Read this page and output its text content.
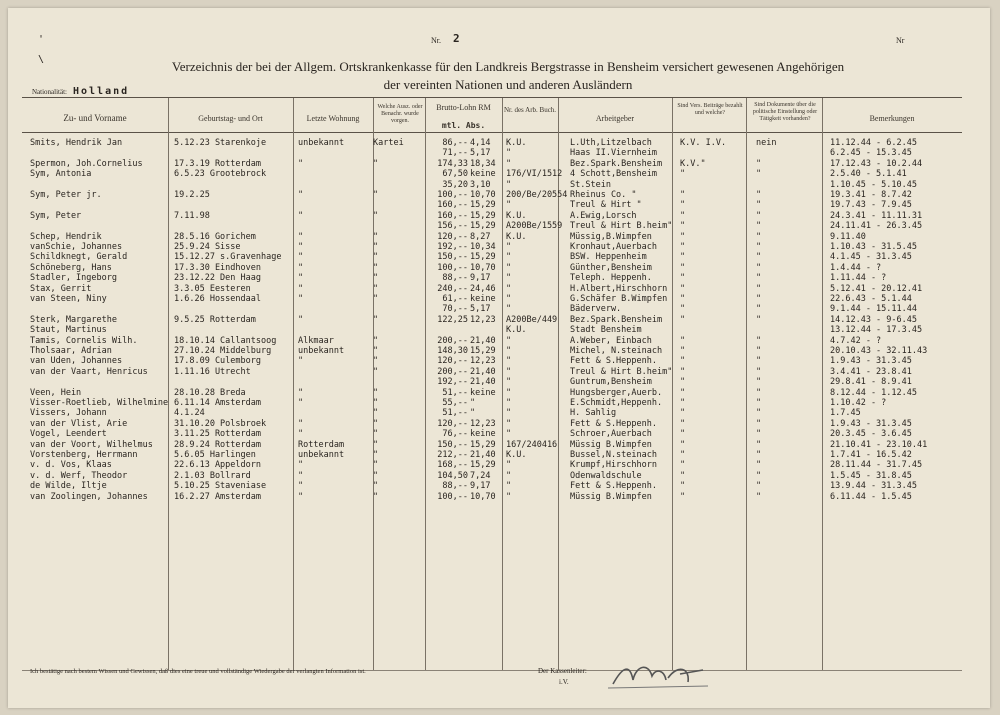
'
\
Nr. 2	Nr
Verzeichnis der bei der Allgem. Ortskrankenkasse für den Landkreis Bergstrasse in Bensheim versichert gewesenen Angehörigen
der vereinten Nationen und anderen Ausländern
Nationalität: Holland
Zu- und Vorname	Geburtstag- und Ort	Letzte Wohnung
Welche Ausz. oder Benachr. wurde vorgen.
Brutto-Lohn RM
mtl. Abs.
Nr. des Arb. Buch.
Arbeitgeber
Sind Vers. Beiträge bezahlt und welche?
Sind Dokumente über die politische Einstellung oder Tätigkeit vorhanden?	Bemerkungen
Ich bestätige nach bestem Wissen und Gewissen, daß dies eine treue und vollständige Wiedergabe der verlangten Information ist.	Der Kassenleiter:
i.V.
Smits, Hendrik Jan	5.12.23 Starenkoje	unbekannt	Kartei	86,-- 4,14	K.U.	L.Uth,Litzelbach	K.V. I.V.	nein	11.12.44 - 6.2.45
71,-- 5,17	"	Haas II.Viernheim	6.2.45 - 15.3.45
Spermon, Joh.Cornelius	17.3.19 Rotterdam	"	"	174,33 18,34	"	Bez.Spark.Bensheim	K.V."	"	17.12.43 - 10.2.44
Sym, Antonia	6.5.23 Grootebrock	67,50 keine	176/VI/1512 4 Schott,Bensheim	"	"	2.5.40 - 5.1.41
35,20 3,10	"	St.Stein	1.10.45 - 5.10.45
Sym, Peter jr.	19.2.25	"	"	100,-- 10,70	200/Be/20554 Rheinus Co. "	"	"	19.3.41 - 8.7.42
160,-- 15,29	"	Treul & Hirt "	"	"	19.7.43 - 7.9.45
Sym, Peter	7.11.98	"	"	160,-- 15,29	K.U.	A.Ewig,Lorsch	"	"	24.3.41 - 11.11.31
156,-- 15,29	A200Be/1559 Treul & Hirt B.heim" "	"	24.11.41 - 26.3.45
Schep, Hendrik	28.5.16 Gorichem	"	"	120,-- 8,27	K.U.	Müssig,B.Wimpfen	"	"	9.11.40
vanSchie, Johannes	25.9.24 Sisse	"	"	192,-- 10,34	"	Kronhaut,Auerbach	"	"	1.10.43 - 31.5.45
Schildknegt, Gerald	15.12.27 s.Gravenhage	"	"	150,-- 15,29	"	BSW. Heppenheim	"	"	4.1.45 - 31.3.45
Schöneberg, Hans	17.3.30 Eindhoven	"	"	100,-- 10,70	"	Günther,Bensheim	"	"	1.4.44 - ?
Stadler, Ingeborg	23.12.22 Den Haag	"	"	88,-- 9,17	"	Teleph. Heppenh.	"	"	1.11.44 - ?
Stax, Gerrit	3.3.05 Eesteren	"	"	240,-- 24,46	"	H.Albert,Hirschhorn	"	"	5.12.41 - 20.12.41
van Steen, Niny	1.6.26 Hossendaal	"	"	61,-- keine	"	G.Schäfer B.Wimpfen	"	"	22.6.43 - 5.1.44
70,-- 5,17	"	Bäderverw.	"	"	9.1.44 - 15.11.44
Sterk, Margarethe	9.5.25 Rotterdam	"	"	122,25 12,23	A200Be/449	Bez.Spark.Bensheim	"	"	14.12.43 - 9-6.45
Staut, Martinus	K.U.	Stadt Bensheim	13.12.44 - 17.3.45
Tamis, Cornelis Wilh.	18.10.14 Callantsoog	Alkmaar	"	200,-- 21,40	"	A.Weber, Einbach	"	"	4.7.42 - ?
Tholsaar, Adrian	27.10.24 Middelburg	unbekannt	"	148,30 15,29	"	Michel, N.steinach	"	"	20.10.43 - 32.11.43
van Uden, Johannes	17.8.09 Culemborg	"	"	120,-- 12,23	"	Fett & S.Heppenh.	"	"	1.9.43 - 31.3.45
van der Vaart, Henricus	1.11.16 Utrecht	"	200,-- 21,40	"	Treul & Hirt B.heim" "	"	3.4.41 - 23.8.41
192,-- 21,40	"	Guntrum,Bensheim	"	"	29.8.41 - 8.9.41
Veen, Hein	28.10.28 Breda	"	"	51,-- keine	"	Hungsberger,Auerb.	"	"	8.12.44 - 1.12.45
Visser-Roetlieb, Wilhelmine 6.11.14 Amsterdam	"	"	55,-- "	"	E.Schmidt,Heppenh.	"	"	1.10.42 - ?
Vissers, Johann	4.1.24	"	51,-- "	"	H. Sahlig	"	"	1.7.45
van der Vlist, Arie	31.10.20 Polsbroek	"	"	120,-- 12,23	"	Fett & S.Heppenh.	"	"	1.9.43 - 31.3.45
Vogel, Leendert	3.11.25 Rotterdam	"	"	76,-- keine	"	Schroer,Auerbach	"	"	20.3.45 - 3.6.45
van der Voort, Wilhelmus	28.9.24 Rotterdam	Rotterdam	"	150,-- 15,29	167/240416	Müssig B.Wimpfen	"	"	21.10.41 - 23.10.41
Vorstenberg, Herrmann	5.6.05 Harlingen	unbekannt	"	212,-- 21,40	K.U.	Bussel,N.steinach	"	"	1.7.41 - 16.5.42
v. d. Vos, Klaas	22.6.13 Appeldorn	"	"	168,-- 15,29	"	Krumpf,Hirschhorn	"	"	28.11.44 - 31.7.45
v. d. Werf, Theodor	2.1.03 Bollrard	"	"	104,50 7,24	"	Odenwaldschule	"	"	1.5.45 - 31.8.45
de Wilde, Iltje	5.10.25 Staveniase	"	"	88,-- 9,17	"	Fett & S.Heppenh.	"	"	13.9.44 - 31.3.45
van Zoolingen, Johannes	16.2.27 Amsterdam	"	"	100,-- 10,70	"	Müssig B.Wimpfen	"	"	6.11.44 - 1.5.45
